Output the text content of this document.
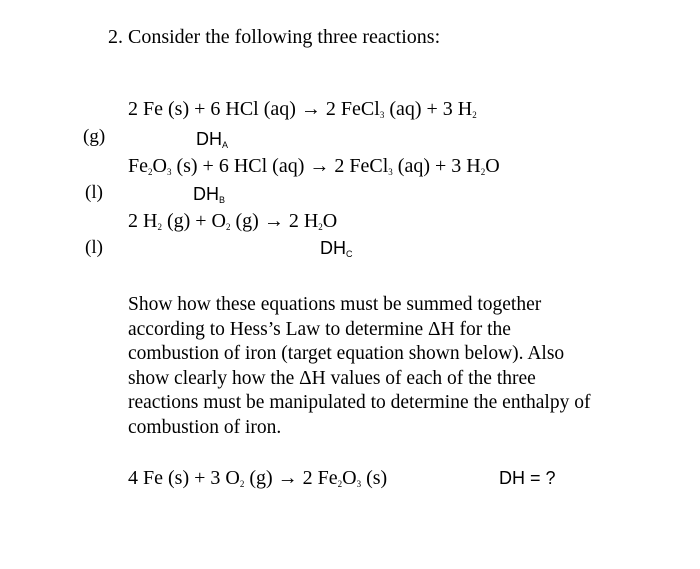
2. Consider the following three reactions:
2 Fe (s) + 6 HCl (aq) → 2 FeCl$_3$ (aq) + 3 $H_2$
(g)	$DH_A$
$Fe_2O_3$ (s) + 6 HCl (aq) → 2 FeCl$_3$ (aq) + 3 $H_2O$
(l)	$DH_B$
2 $H_2$ $(g) + O_2$ (g) → 2 $H_2O$
(l)	$DH_C$

Show how these equations must be summed together

according to Hess’s Law to determine ΔH for the

combustion of iron (target equation shown below). Also

show clearly how the ΔH values of each of the three

reactions must be manipulated to determine the enthalpy of

combustion of iron.

4 Fe (s) + 3 $O_2$ (g) → 2 $Fe_2O_3$ (s)	DH = ?
